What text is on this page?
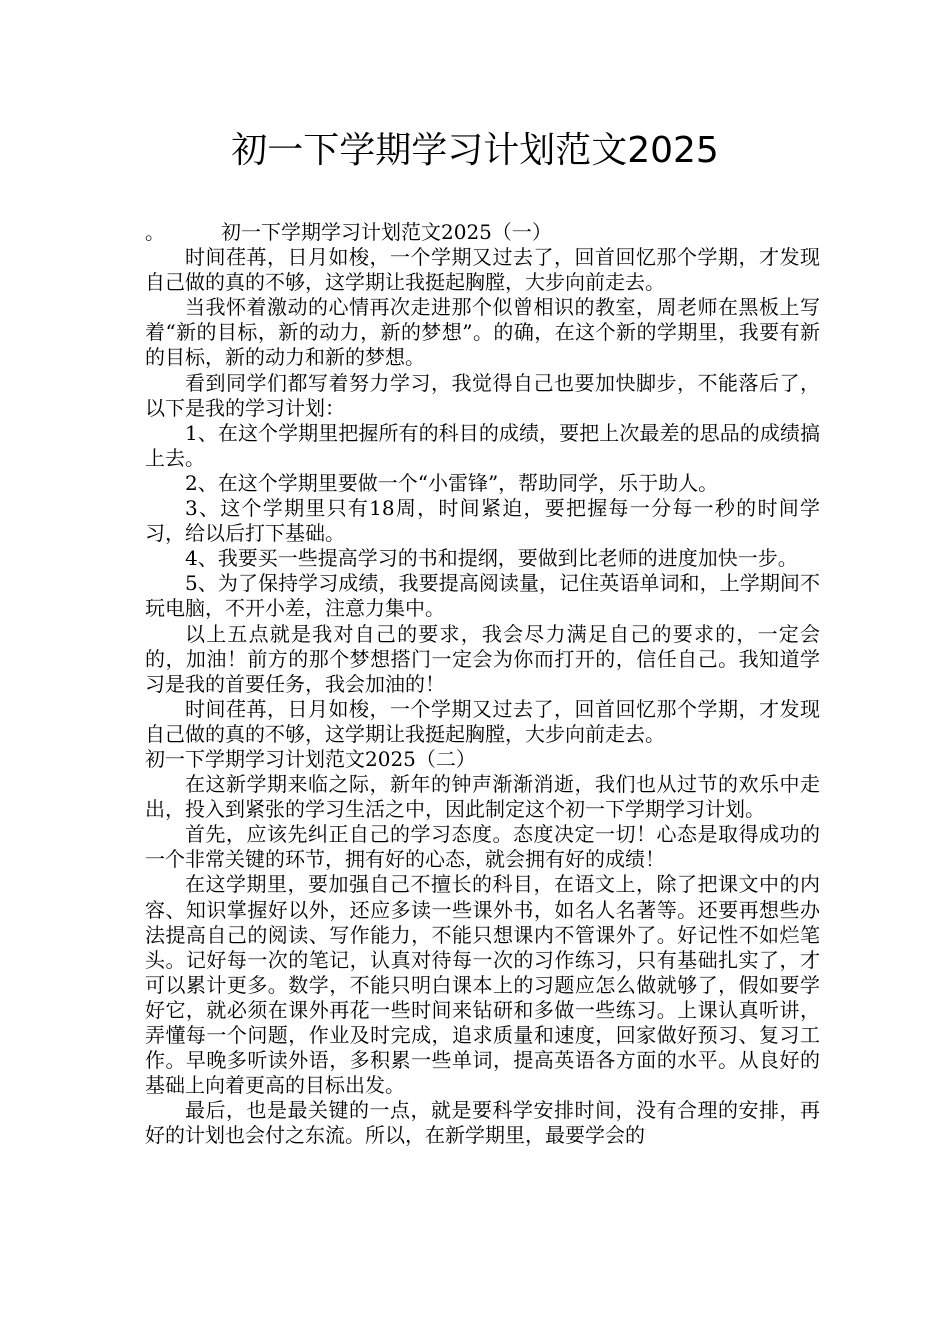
初一下学期学习计划范文2025

。	初一下学期学习计划范文2025（一）

时间荏苒，日月如梭，一个学期又过去了，回首回忆那个学期，才发现自己做的真的不够，这学期让我挺起胸膛，大步向前走去。

当我怀着激动的心情再次走进那个似曾相识的教室，周老师在黑板上写着“新的目标，新的动力，新的梦想”。的确，在这个新的学期里，我要有新的目标，新的动力和新的梦想。

看到同学们都写着努力学习，我觉得自己也要加快脚步，不能落后了，以下是我的学习计划：

1、在这个学期里把握所有的科目的成绩，要把上次最差的思品的成绩搞上去。

2、在这个学期里要做一个“小雷锋”，帮助同学，乐于助人。

3、这个学期里只有18周，时间紧迫，要把握每一分每一秒的时间学习，给以后打下基础。

4、我要买一些提高学习的书和提纲，要做到比老师的进度加快一步。

5、为了保持学习成绩，我要提高阅读量，记住英语单词和，上学期间不玩电脑，不开小差，注意力集中。

以上五点就是我对自己的要求，我会尽力满足自己的要求的，一定会的，加油！前方的那个梦想搭门一定会为你而打开的，信任自己。我知道学习是我的首要任务，我会加油的！

时间荏苒，日月如梭，一个学期又过去了，回首回忆那个学期，才发现自己做的真的不够，这学期让我挺起胸膛，大步向前走去。

初一下学期学习计划范文2025（二）

在这新学期来临之际，新年的钟声渐渐消逝，我们也从过节的欢乐中走出，投入到紧张的学习生活之中，因此制定这个初一下学期学习计划。

首先，应该先纠正自己的学习态度。态度决定一切！心态是取得成功的一个非常关键的环节，拥有好的心态，就会拥有好的成绩！

在这学期里，要加强自己不擅长的科目，在语文上，除了把课文中的内容、知识掌握好以外，还应多读一些课外书，如名人名著等。还要再想些办法提高自己的阅读、写作能力，不能只想课内不管课外了。好记性不如烂笔头。记好每一次的笔记，认真对待每一次的习作练习，只有基础扎实了，才可以累计更多。数学，不能只明白课本上的习题应怎么做就够了，假如要学好它，就必须在课外再花一些时间来钻研和多做一些练习。上课认真听讲，弄懂每一个问题，作业及时完成，追求质量和速度，回家做好预习、复习工作。早晚多听读外语，多积累一些单词，提高英语各方面的水平。从良好的基础上向着更高的目标出发。

最后，也是最关键的一点，就是要科学安排时间，没有合理的安排，再好的计划也会付之东流。所以，在新学期里，最要学会的
